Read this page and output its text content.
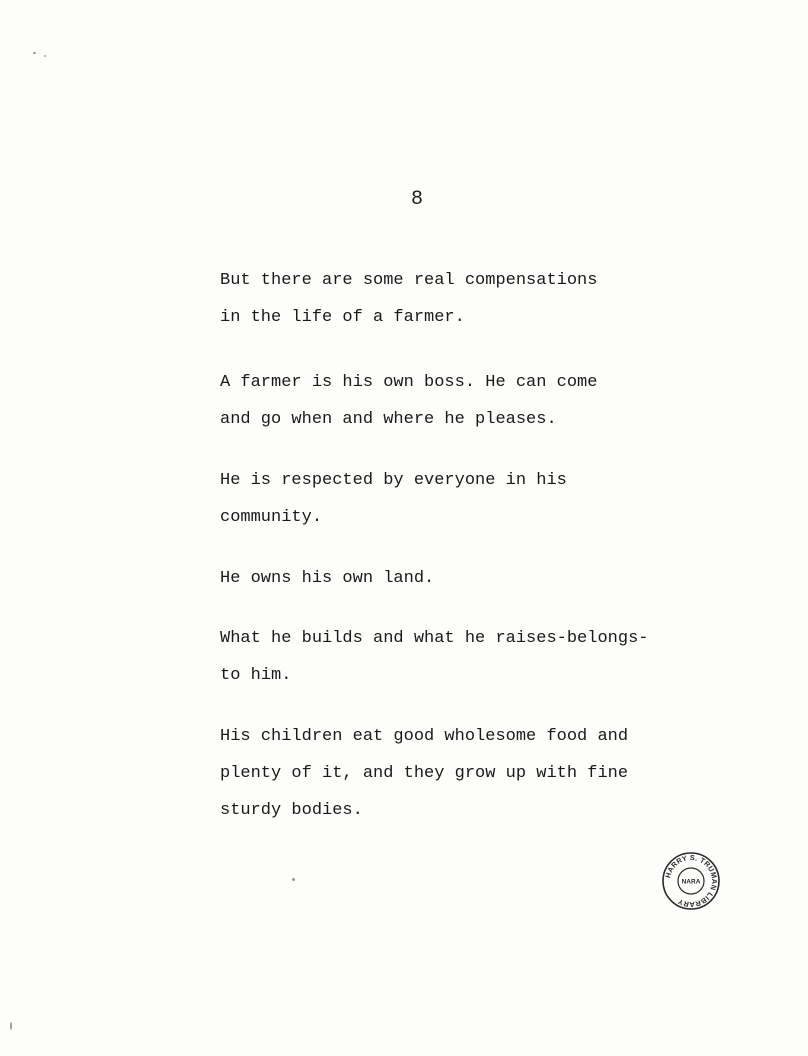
8

But there are some real compensations
in the life of a farmer.

A farmer is his own boss. He can come
and go when and where he pleases.

He is respected by everyone in his
community.

He owns his own land.

What he builds and what he raises-belongs-
to him.

His children eat good wholesome food and
plenty of it, and they grow up with fine
sturdy bodies.

HARRY S. TRUMAN LIBRARY
NARA
